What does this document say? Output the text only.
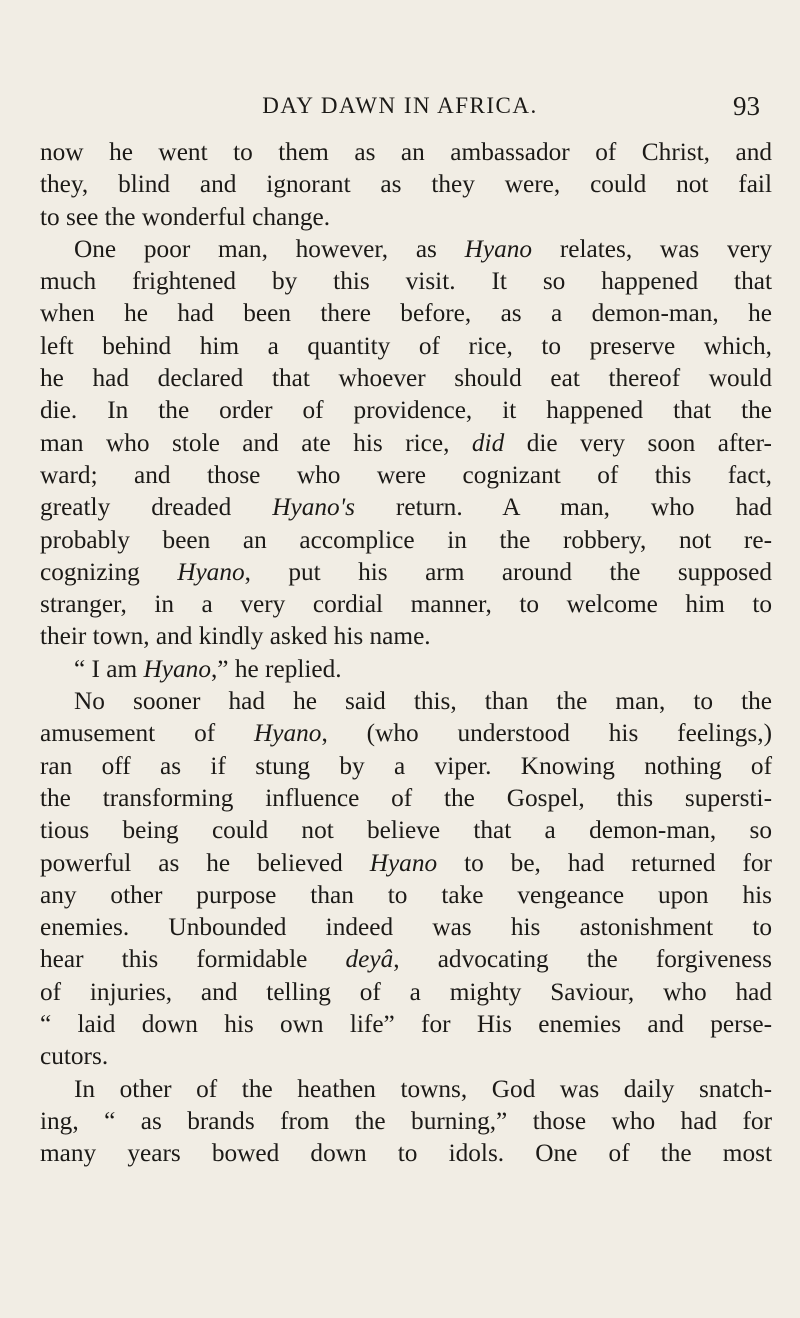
DAY DAWN IN AFRICA.	93
now he went to them as an ambassador of Christ, and
they, blind and ignorant as they were, could not fail
to see the wonderful change.
One poor man, however, as Hyano relates, was very
much frightened by this visit. It so happened that
when he had been there before, as a demon-man, he
left behind him a quantity of rice, to preserve which,
he had declared that whoever should eat thereof would
die. In the order of providence, it happened that the
man who stole and ate his rice, did die very soon after-
ward; and those who were cognizant of this fact,
greatly dreaded Hyano's return. A man, who had
probably been an accomplice in the robbery, not re-
cognizing Hyano, put his arm around the supposed
stranger, in a very cordial manner, to welcome him to
their town, and kindly asked his name.
“ I am Hyano,” he replied.
No sooner had he said this, than the man, to the
amusement of Hyano, (who understood his feelings,)
ran off as if stung by a viper. Knowing nothing of
the transforming influence of the Gospel, this supersti-
tious being could not believe that a demon-man, so
powerful as he believed Hyano to be, had returned for
any other purpose than to take vengeance upon his
enemies. Unbounded indeed was his astonishment to
hear this formidable deyâ, advocating the forgiveness
of injuries, and telling of a mighty Saviour, who had
“ laid down his own life” for His enemies and perse-
cutors.
In other of the heathen towns, God was daily snatch-
ing, “ as brands from the burning,” those who had for
many years bowed down to idols. One of the most
